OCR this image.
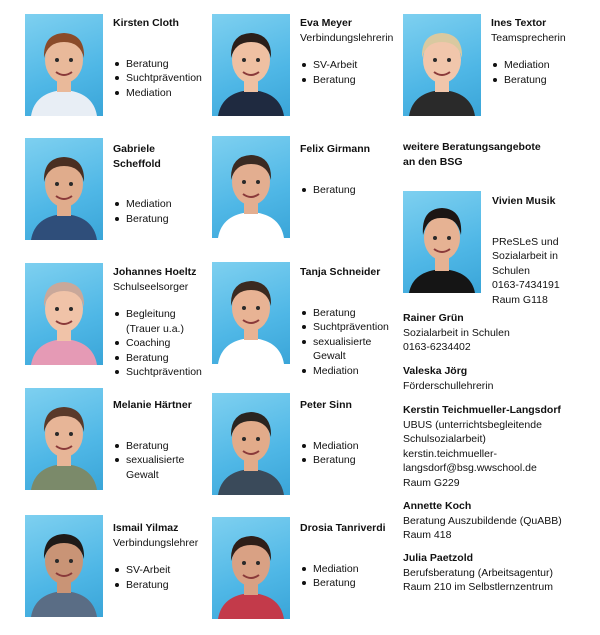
Kirsten Cloth
Beratung
Suchtprävention
Mediation
Gabriele Scheffold
Mediation
Beratung
Johannes Hoeltz
Schulseelsorger
Begleitung (Trauer u.a.)
Coaching
Beratung
Suchtprävention
Melanie Härtner
Beratung
sexualisierte Gewalt
Ismail Yilmaz
Verbindungslehrer
SV-Arbeit
Beratung
Eva Meyer
Verbindungslehrerin
SV-Arbeit
Beratung
Felix Girmann
Beratung
Tanja Schneider
Beratung
Suchtprävention
sexualisierte Gewalt
Mediation
Peter Sinn
Mediation
Beratung
Drosia Tanriverdi
Mediation
Beratung
Ines Textor
Teamsprecherin
Mediation
Beratung
weitere Beratungsangebote
an den BSG
Vivien Musik
PReSLeS und
Sozialarbeit in
Schulen
0163-7434191
Raum G118
Rainer Grün
Sozialarbeit in Schulen
0163-6234402
Valeska Jörg
Förderschullehrerin
Kerstin Teichmueller-Langsdorf
UBUS (unterrichtsbegleitende
Schulsozialarbeit)
kerstin.teichmueller-
langsdorf@bsg.wwschool.de
Raum G229
Annette Koch
Beratung Auszubildende (QuABB)
Raum 418
Julia Paetzold
Berufsberatung (Arbeitsagentur)
Raum 210 im Selbstlernzentrum
